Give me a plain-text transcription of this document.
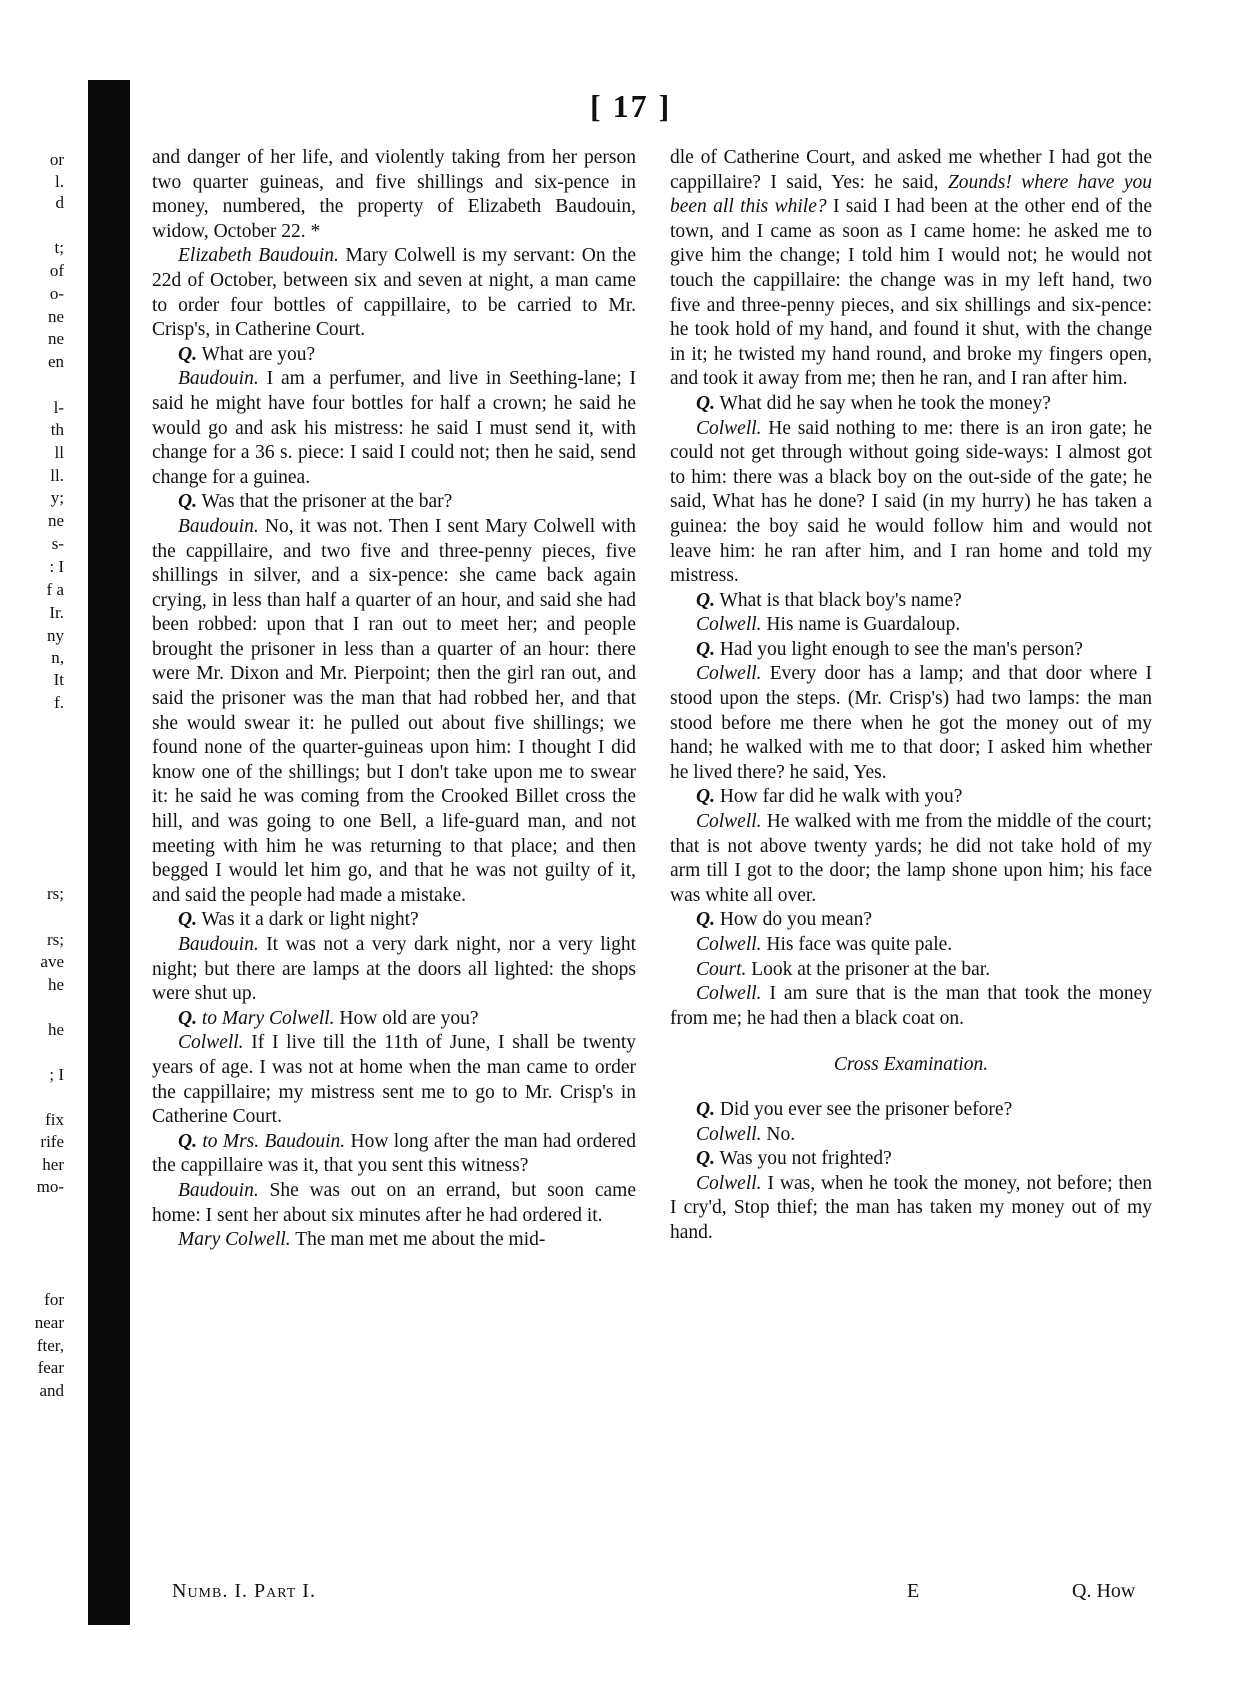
or
l.
d
t;
of
o-
ne
ne
en
l-
th
ll
ll.
y;
ne
s-
: I
f a
Ir.
ny
n,
It
f.
rs;
rs;
ave
he
he
; I
fix
rife
her
mo-
for
near
fter,
fear
and
[ 17 ]

and danger of her life, and violently taking from her person two quarter guineas, and five shillings and six-pence in money, numbered, the property of Elizabeth Baudouin, widow, October 22. *

Elizabeth Baudouin. Mary Colwell is my servant: On the 22d of October, between six and seven at night, a man came to order four bottles of cappillaire, to be carried to Mr. Crisp's, in Catherine Court.

Q. What are you?

Baudouin. I am a perfumer, and live in Seething-lane; I said he might have four bottles for half a crown; he said he would go and ask his mistress: he said I must send it, with change for a 36 s. piece: I said I could not; then he said, send change for a guinea.

Q. Was that the prisoner at the bar?

Baudouin. No, it was not. Then I sent Mary Colwell with the cappillaire, and two five and three-penny pieces, five shillings in silver, and a six-pence: she came back again crying, in less than half a quarter of an hour, and said she had been robbed: upon that I ran out to meet her; and people brought the prisoner in less than a quarter of an hour: there were Mr. Dixon and Mr. Pierpoint; then the girl ran out, and said the prisoner was the man that had robbed her, and that she would swear it: he pulled out about five shillings; we found none of the quarter-guineas upon him: I thought I did know one of the shillings; but I don't take upon me to swear it: he said he was coming from the Crooked Billet cross the hill, and was going to one Bell, a life-guard man, and not meeting with him he was returning to that place; and then begged I would let him go, and that he was not guilty of it, and said the people had made a mistake.

Q. Was it a dark or light night?

Baudouin. It was not a very dark night, nor a very light night; but there are lamps at the doors all lighted: the shops were shut up.

Q. to Mary Colwell. How old are you?

Colwell. If I live till the 11th of June, I shall be twenty years of age. I was not at home when the man came to order the cappillaire; my mistress sent me to go to Mr. Crisp's in Catherine Court.

Q. to Mrs. Baudouin. How long after the man had ordered the cappillaire was it, that you sent this witness?

Baudouin. She was out on an errand, but soon came home: I sent her about six minutes after he had ordered it.

Mary Colwell. The man met me about the mid-

dle of Catherine Court, and asked me whether I had got the cappillaire? I said, Yes: he said, Zounds! where have you been all this while? I said I had been at the other end of the town, and I came as soon as I came home: he asked me to give him the change; I told him I would not; he would not touch the cappillaire: the change was in my left hand, two five and three-penny pieces, and six shillings and six-pence: he took hold of my hand, and found it shut, with the change in it; he twisted my hand round, and broke my fingers open, and took it away from me; then he ran, and I ran after him.

Q. What did he say when he took the money?

Colwell. He said nothing to me: there is an iron gate; he could not get through without going side-ways: I almost got to him: there was a black boy on the out-side of the gate; he said, What has he done? I said (in my hurry) he has taken a guinea: the boy said he would follow him and would not leave him: he ran after him, and I ran home and told my mistress.

Q. What is that black boy's name?

Colwell. His name is Guardaloup.

Q. Had you light enough to see the man's person?

Colwell. Every door has a lamp; and that door where I stood upon the steps. (Mr. Crisp's) had two lamps: the man stood before me there when he got the money out of my hand; he walked with me to that door; I asked him whether he lived there? he said, Yes.

Q. How far did he walk with you?

Colwell. He walked with me from the middle of the court; that is not above twenty yards; he did not take hold of my arm till I got to the door; the lamp shone upon him; his face was white all over.

Q. How do you mean?

Colwell. His face was quite pale.

Court. Look at the prisoner at the bar.

Colwell. I am sure that is the man that took the money from me; he had then a black coat on.

Cross Examination.

Q. Did you ever see the prisoner before?

Colwell. No.

Q. Was you not frighted?

Colwell. I was, when he took the money, not before; then I cry'd, Stop thief; the man has taken my money out of my hand.

Numb. I. Part I.	E	Q. How
